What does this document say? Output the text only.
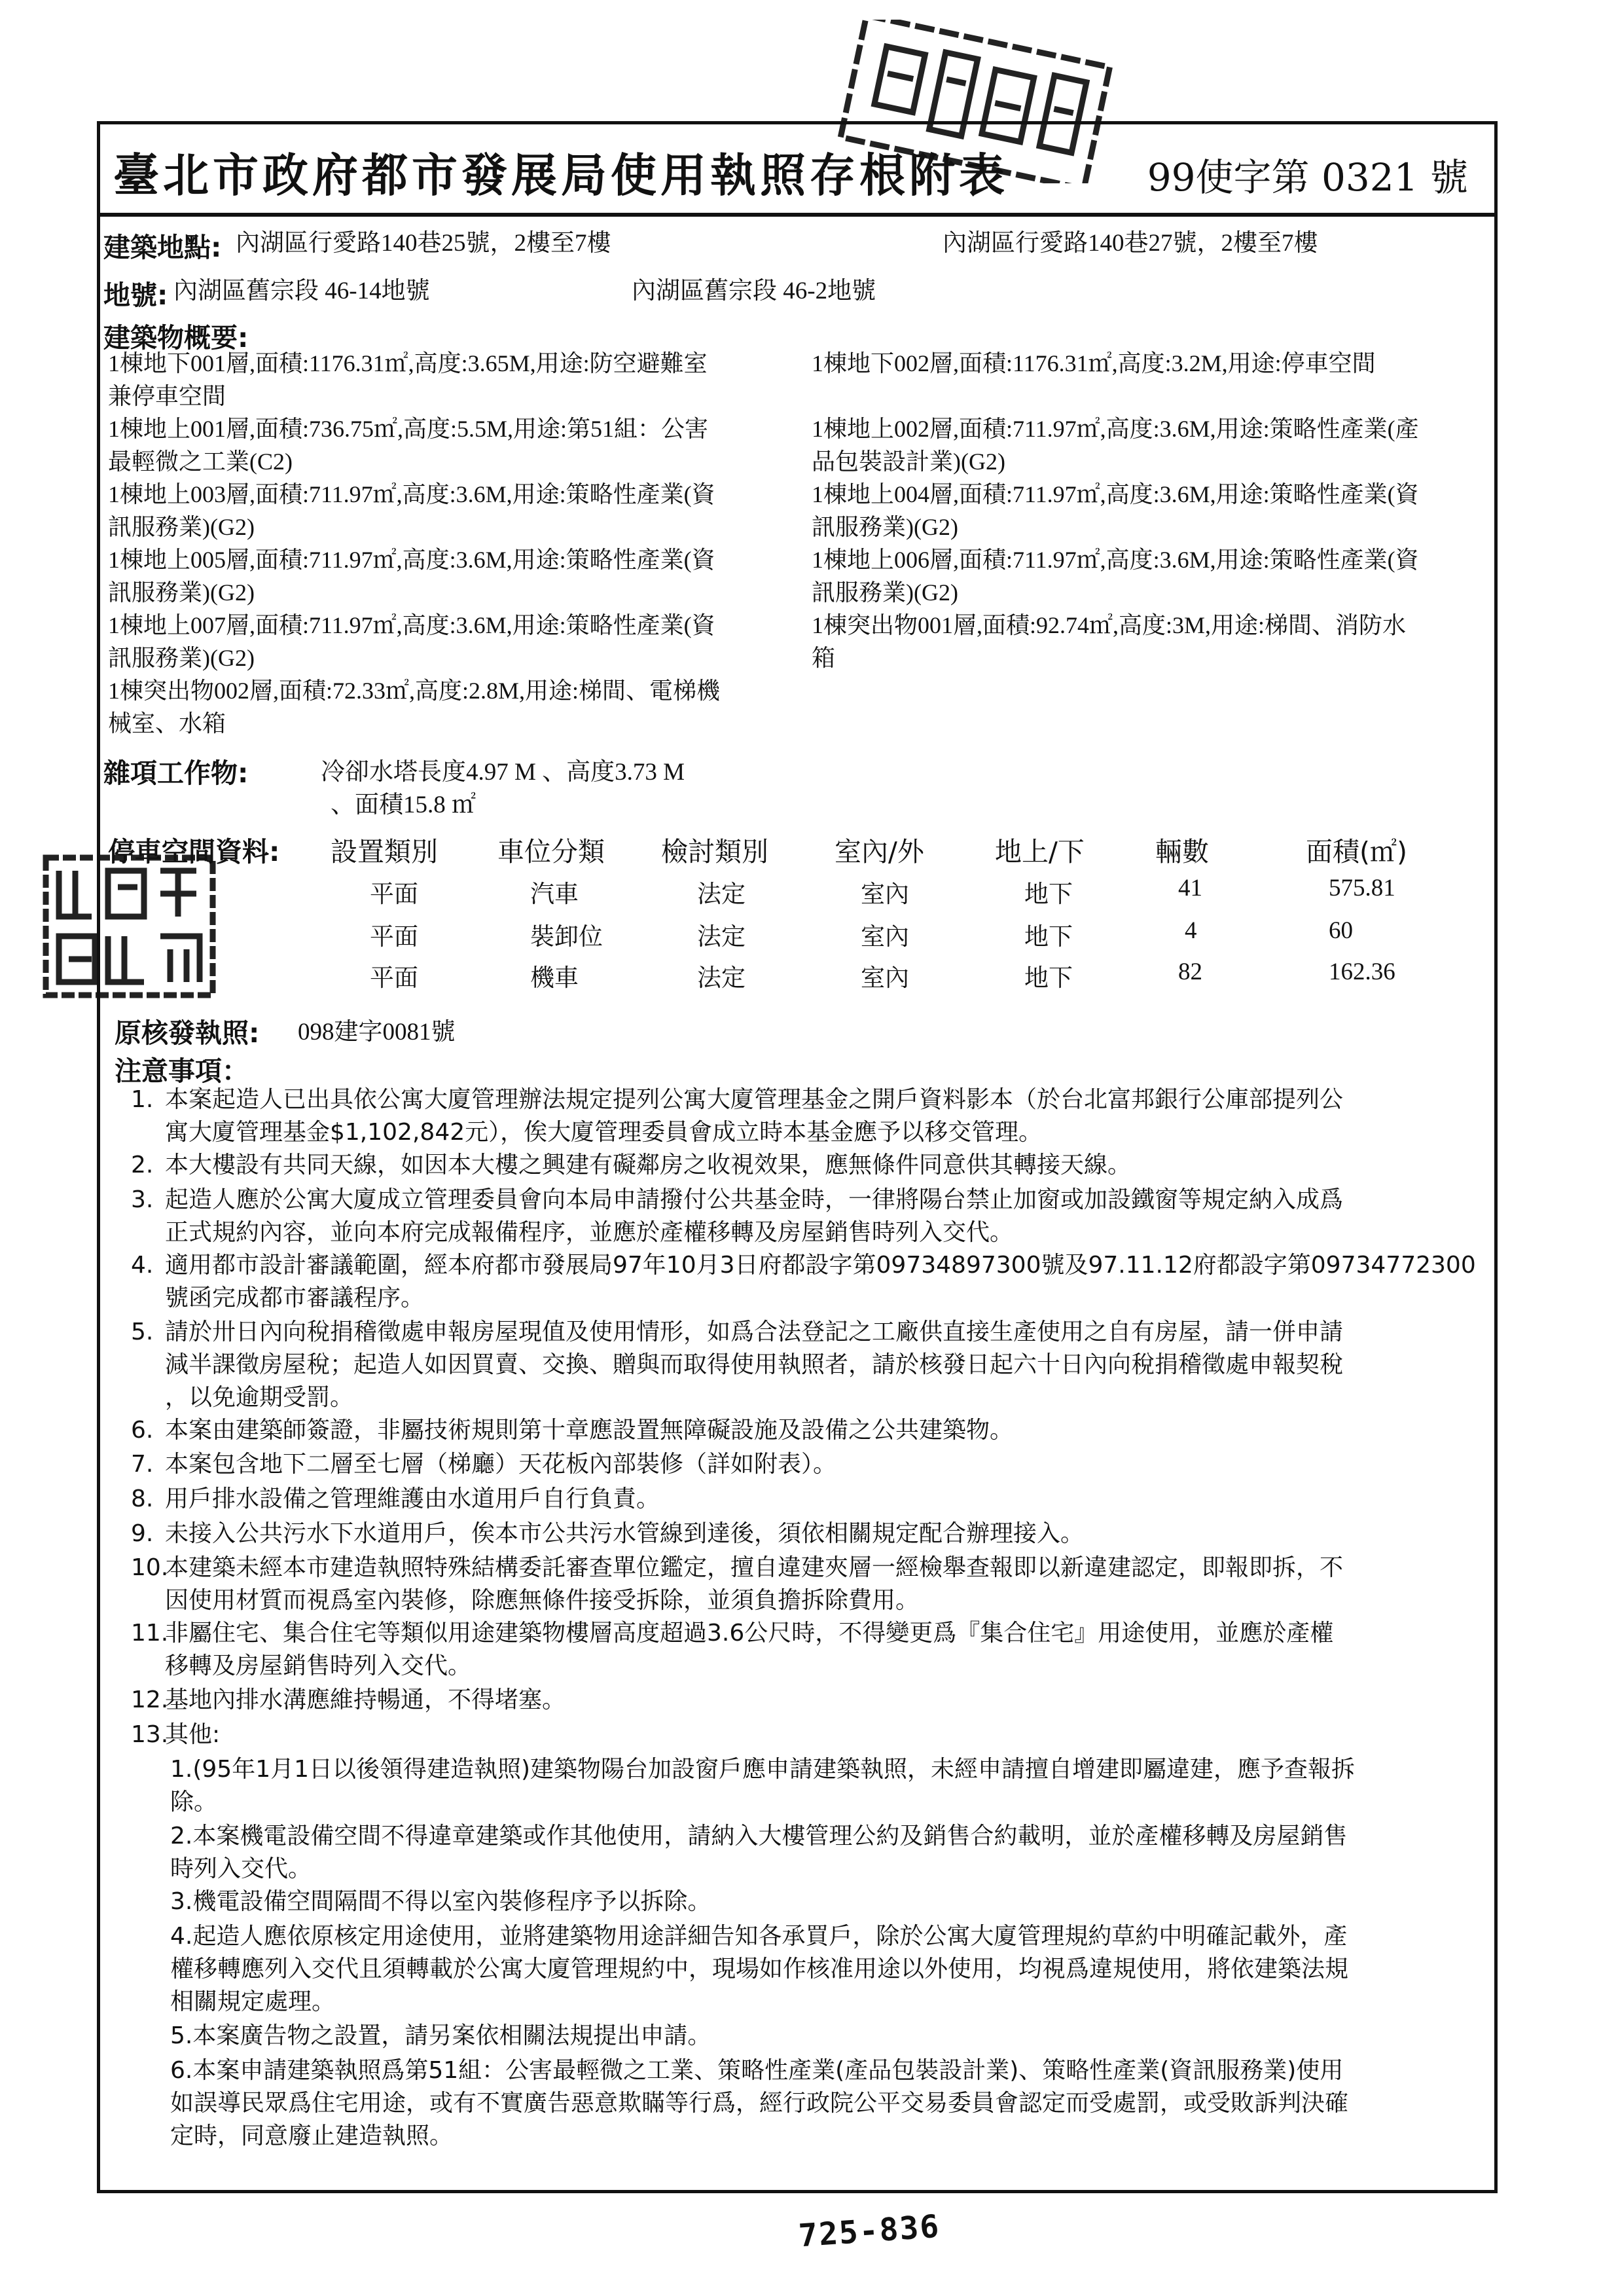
臺北市政府都市發展局使用執照存根附表	99使字第 0321 號
建築地點: 內湖區行愛路140巷25號，2樓至7樓	內湖區行愛路140巷27號，2樓至7樓
地號: 內湖區舊宗段 46-14地號	內湖區舊宗段 46-2地號
建築物概要:
1棟地下001層,面積:1176.31㎡,高度:3.65M,用途:防空避難室
兼停車空間
1棟地下002層,面積:1176.31㎡,高度:3.2M,用途:停車空間
1棟地上001層,面積:736.75㎡,高度:5.5M,用途:第51組：公害
最輕微之工業(C2)
1棟地上002層,面積:711.97㎡,高度:3.6M,用途:策略性產業(產
品包裝設計業)(G2)
1棟地上003層,面積:711.97㎡,高度:3.6M,用途:策略性產業(資
訊服務業)(G2)
1棟地上004層,面積:711.97㎡,高度:3.6M,用途:策略性產業(資
訊服務業)(G2)
1棟地上005層,面積:711.97㎡,高度:3.6M,用途:策略性產業(資
訊服務業)(G2)
1棟地上006層,面積:711.97㎡,高度:3.6M,用途:策略性產業(資
訊服務業)(G2)
1棟地上007層,面積:711.97㎡,高度:3.6M,用途:策略性產業(資
訊服務業)(G2)
1棟突出物001層,面積:92.74㎡,高度:3M,用途:梯間、消防水
箱
1棟突出物002層,面積:72.33㎡,高度:2.8M,用途:梯間、電梯機
械室、水箱
雜項工作物:	冷卻水塔長度4.97 M 、高度3.73 M
、面積15.8 ㎡
停車空間資料: 設置類別 車位分類 檢討類別 室內/外	地上/下	輛數	面積(㎡)
平面	汽車	法定	室內	地下	41	575.81
平面	裝卸位	法定	室內	地下	4	60
平面	機車	法定	室內	地下	82	162.36
原核發執照: 098建字0081號
注意事項：
1. 本案起造人已出具依公寓大廈管理辦法規定提列公寓大廈管理基金之開戶資料影本（於台北富邦銀行公庫部提列公
寓大廈管理基金$1,102,842元），俟大廈管理委員會成立時本基金應予以移交管理。
2. 本大樓設有共同天線，如因本大樓之興建有礙鄰房之收視效果，應無條件同意供其轉接天線。
3. 起造人應於公寓大廈成立管理委員會向本局申請撥付公共基金時，一律將陽台禁止加窗或加設鐵窗等規定納入成爲
正式規約內容，並向本府完成報備程序，並應於產權移轉及房屋銷售時列入交代。
4. 適用都市設計審議範圍，經本府都市發展局97年10月3日府都設字第09734897300號及97.11.12府都設字第09734772300
號函完成都市審議程序。
5. 請於卅日內向稅捐稽徵處申報房屋現值及使用情形，如爲合法登記之工廠供直接生產使用之自有房屋，請一併申請
減半課徵房屋稅；起造人如因買賣、交換、贈與而取得使用執照者，請於核發日起六十日內向稅捐稽徵處申報契稅
，以免逾期受罰。
6. 本案由建築師簽證，非屬技術規則第十章應設置無障礙設施及設備之公共建築物。
7. 本案包含地下二層至七層（梯廳）天花板內部裝修（詳如附表）。
8. 用戶排水設備之管理維護由水道用戶自行負責。
9. 未接入公共污水下水道用戶，俟本市公共污水管線到達後，須依相關規定配合辦理接入。
10.
本建築未經本市建造執照特殊結構委託審查單位鑑定，擅自違建夾層一經檢舉查報即以新違建認定，即報即拆，不
因使用材質而視爲室內裝修，除應無條件接受拆除，並須負擔拆除費用。
11.
非屬住宅、集合住宅等類似用途建築物樓層高度超過3.6公尺時，不得變更爲『集合住宅』用途使用，並應於產權
移轉及房屋銷售時列入交代。
12.
基地內排水溝應維持暢通，不得堵塞。
13.
其他:
1.(95年1月1日以後領得建造執照)建築物陽台加設窗戶應申請建築執照，未經申請擅自增建即屬違建，應予查報拆
除。
2.本案機電設備空間不得違章建築或作其他使用，請納入大樓管理公約及銷售合約載明，並於產權移轉及房屋銷售
時列入交代。
3.機電設備空間隔間不得以室內裝修程序予以拆除。
4.起造人應依原核定用途使用，並將建築物用途詳細告知各承買戶，除於公寓大廈管理規約草約中明確記載外，產
權移轉應列入交代且須轉載於公寓大廈管理規約中，現場如作核准用途以外使用，均視爲違規使用，將依建築法規
相關規定處理。
5.本案廣告物之設置，請另案依相關法規提出申請。
6.本案申請建築執照爲第51組：公害最輕微之工業、策略性產業(產品包裝設計業)、策略性產業(資訊服務業)使用
如誤導民眾爲住宅用途，或有不實廣告惡意欺瞞等行爲，經行政院公平交易委員會認定而受處罰，或受敗訴判決確
定時，同意廢止建造執照。
725-836
